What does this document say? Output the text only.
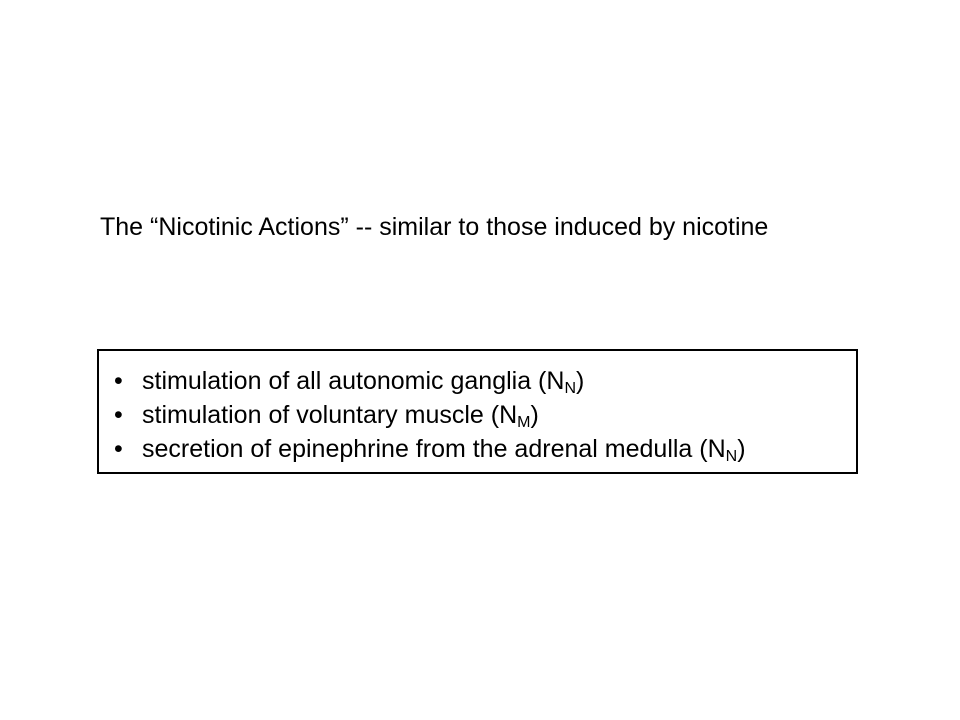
The “Nicotinic Actions” -- similar to those induced by nicotine
• stimulation of all autonomic ganglia $(N_N)$
• stimulation of voluntary muscle $(N_M)$
• secretion of epinephrine from the adrenal medulla $(N_N)$
